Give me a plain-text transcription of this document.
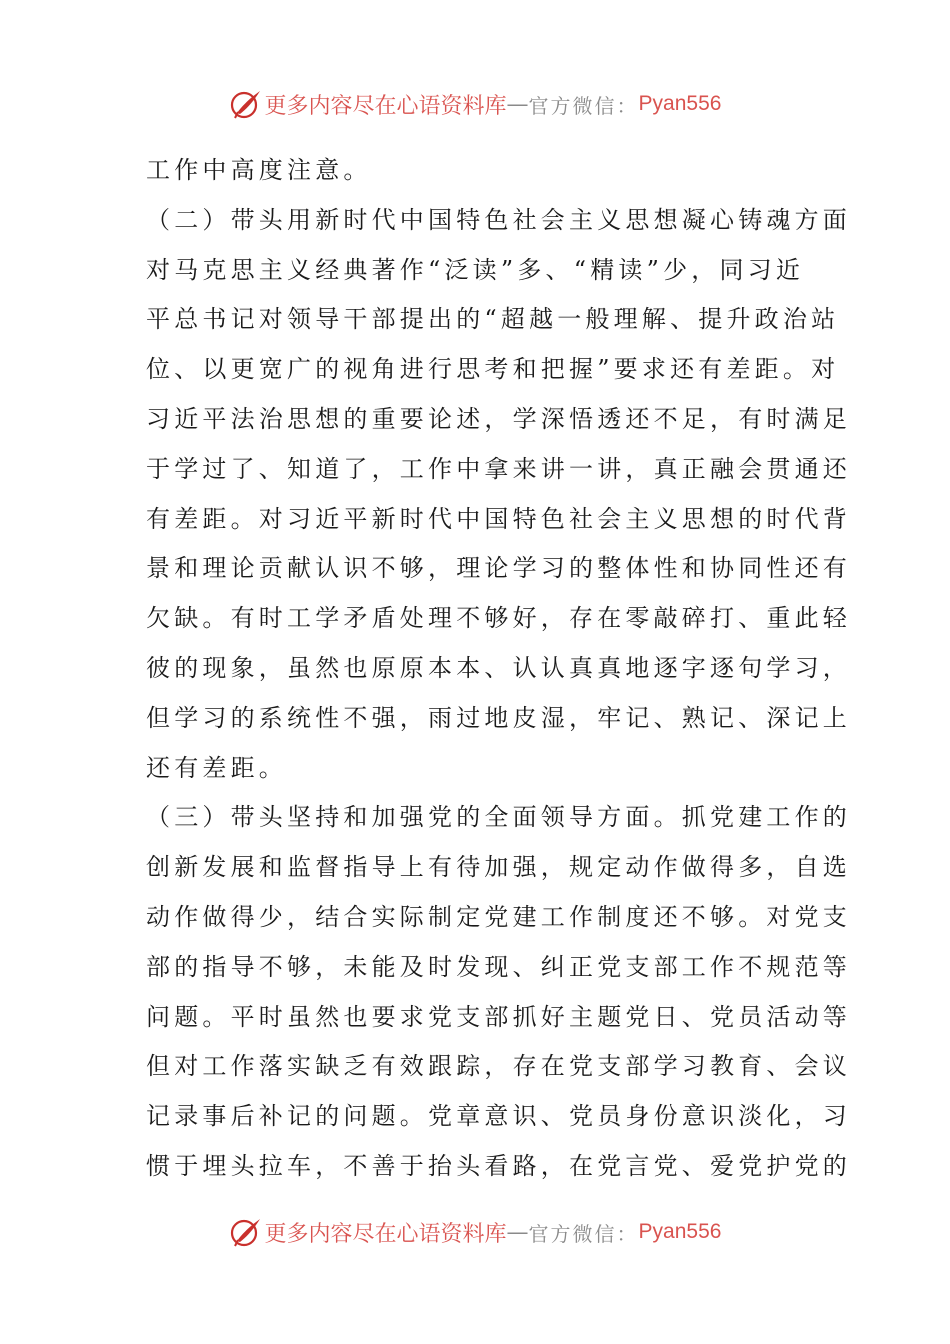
更多内容尽在心语资料库 — 官方微信： Pyan556
工作中高度注意。
（二）带头用新时代中国特色社会主义思想凝心铸魂方面
对马克思主义经典著作“泛读”多、“精读”少，同习近
平总书记对领导干部提出的“超越一般理解、提升政治站
位、以更宽广的视角进行思考和把握”要求还有差距。对
习近平法治思想的重要论述，学深悟透还不足，有时满足
于学过了、知道了，工作中拿来讲一讲，真正融会贯通还
有差距。对习近平新时代中国特色社会主义思想的时代背
景和理论贡献认识不够，理论学习的整体性和协同性还有
欠缺。有时工学矛盾处理不够好，存在零敲碎打、重此轻
彼的现象，虽然也原原本本、认认真真地逐字逐句学习，
但学习的系统性不强，雨过地皮湿，牢记、熟记、深记上
还有差距。
（三）带头坚持和加强党的全面领导方面。抓党建工作的
创新发展和监督指导上有待加强，规定动作做得多，自选
动作做得少，结合实际制定党建工作制度还不够。对党支
部的指导不够，未能及时发现、纠正党支部工作不规范等
问题。平时虽然也要求党支部抓好主题党日、党员活动等
但对工作落实缺乏有效跟踪，存在党支部学习教育、会议
记录事后补记的问题。党章意识、党员身份意识淡化，习
惯于埋头拉车，不善于抬头看路，在党言党、爱党护党的
更多内容尽在心语资料库 — 官方微信： Pyan556
